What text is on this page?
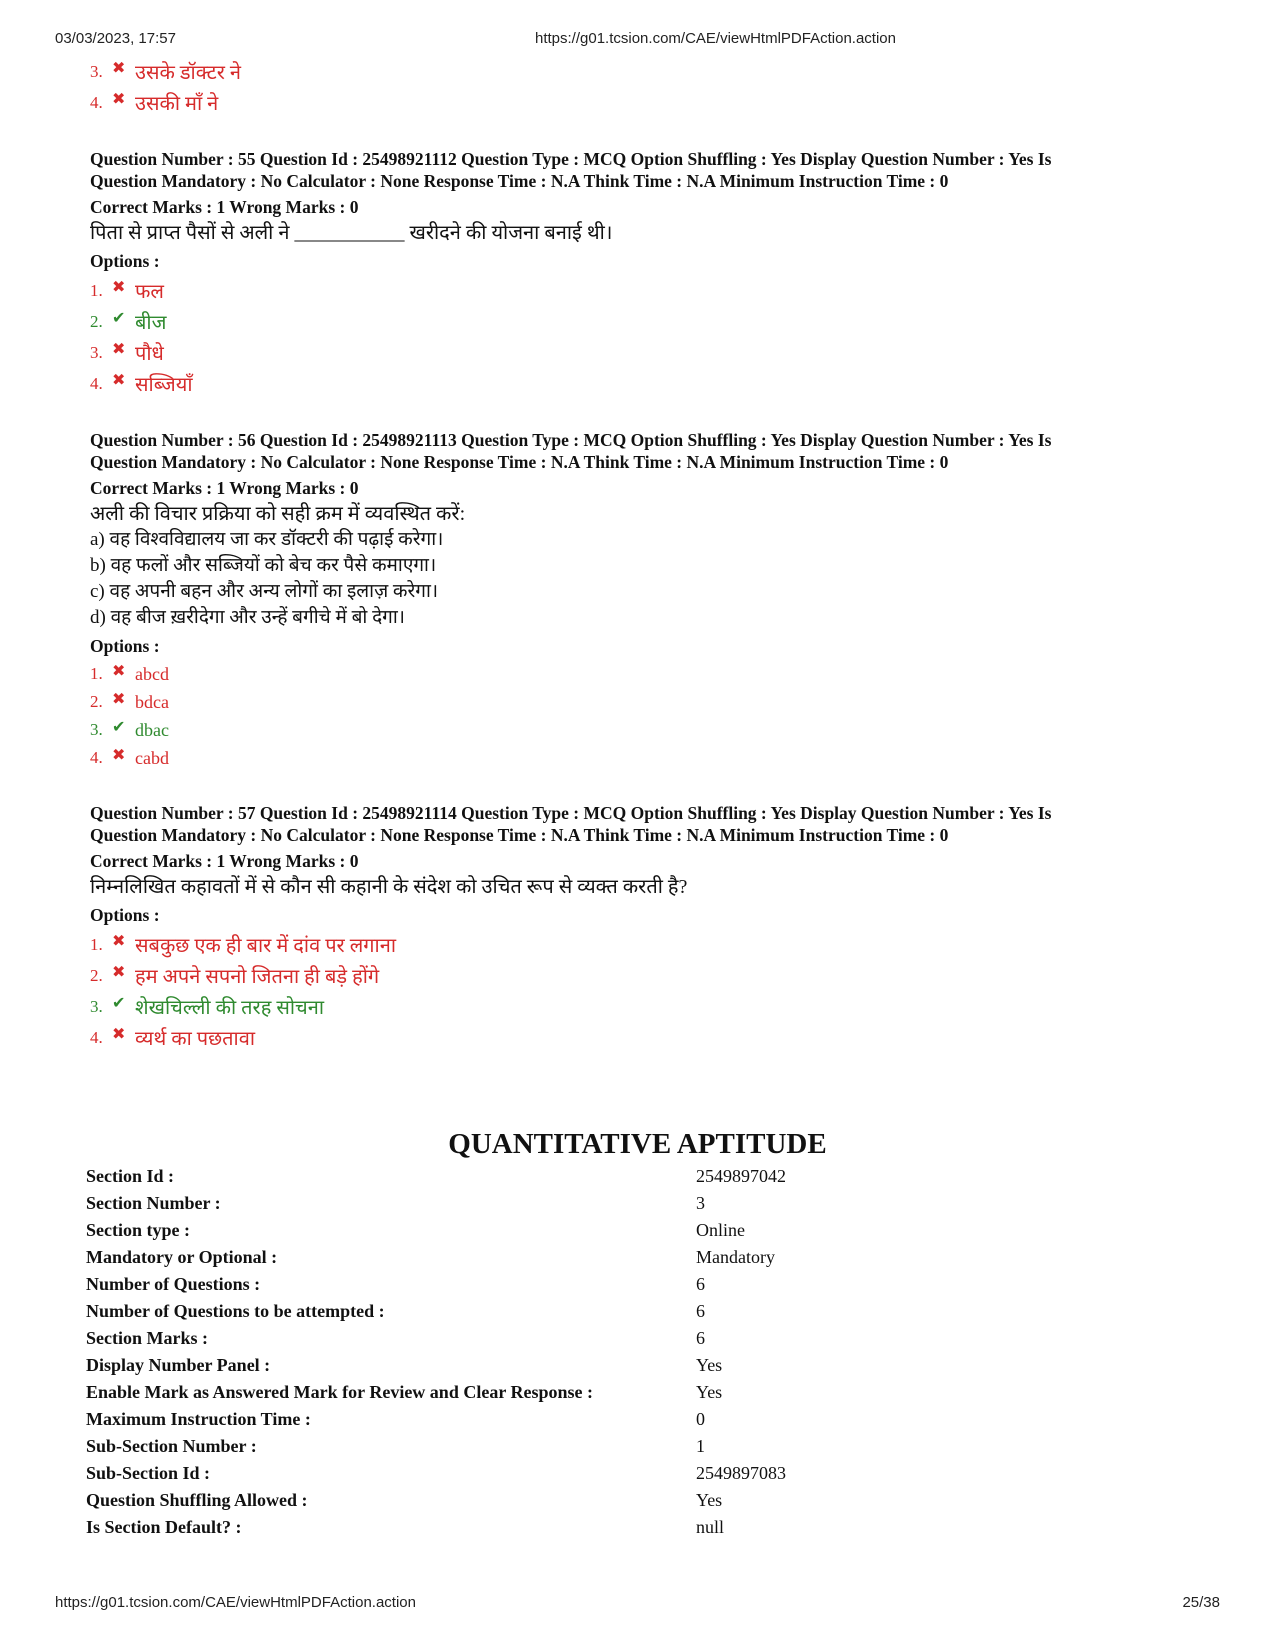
03/03/2023, 17:57	https://g01.tcsion.com/CAE/viewHtmlPDFAction.action
3. ✖ उसके डॉक्टर ने
4. ✖ उसकी माँ ने
Question Number : 55 Question Id : 25498921112 Question Type : MCQ Option Shuffling : Yes Display Question Number : Yes Is
Question Mandatory : No Calculator : None Response Time : N.A Think Time : N.A Minimum Instruction Time : 0
Correct Marks : 1 Wrong Marks : 0
पिता से प्राप्त पैसों से अली ने ___________ खरीदने की योजना बनाई थी।
Options :
1. ✖ फल
2. ✔ बीज
3. ✖ पौधे
4. ✖ सब्जियाँ
Question Number : 56 Question Id : 25498921113 Question Type : MCQ Option Shuffling : Yes Display Question Number : Yes Is
Question Mandatory : No Calculator : None Response Time : N.A Think Time : N.A Minimum Instruction Time : 0
Correct Marks : 1 Wrong Marks : 0
अली की विचार प्रक्रिया को सही क्रम में व्यवस्थित करें:
a) वह विश्वविद्यालय जा कर डॉक्टरी की पढ़ाई करेगा।
b) वह फलों और सब्जियों को बेच कर पैसे कमाएगा।
c) वह अपनी बहन और अन्य लोगों का इलाज़ करेगा।
d) वह बीज ख़रीदेगा और उन्हें बगीचे में बो देगा।
Options :
1. ✖ abcd
2. ✖ bdca
3. ✔ dbac
4. ✖ cabd
Question Number : 57 Question Id : 25498921114 Question Type : MCQ Option Shuffling : Yes Display Question Number : Yes Is
Question Mandatory : No Calculator : None Response Time : N.A Think Time : N.A Minimum Instruction Time : 0
Correct Marks : 1 Wrong Marks : 0
निम्नलिखित कहावतों में से कौन सी कहानी के संदेश को उचित रूप से व्यक्त करती है?
Options :
1. ✖ सबकुछ एक ही बार में दांव पर लगाना
2. ✖ हम अपने सपनो जितना ही बड़े होंगे
3. ✔ शेखचिल्ली की तरह सोचना
4. ✖ व्यर्थ का पछतावा
QUANTITATIVE APTITUDE
Section Id :	2549897042
Section Number :	3
Section type :	Online
Mandatory or Optional :	Mandatory
Number of Questions :	6
Number of Questions to be attempted :	6
Section Marks :	6
Display Number Panel :	Yes
Enable Mark as Answered Mark for Review and Clear Response :	Yes
Maximum Instruction Time :	0
Sub-Section Number :	1
Sub-Section Id :	2549897083
Question Shuffling Allowed :	Yes
Is Section Default? :	null
https://g01.tcsion.com/CAE/viewHtmlPDFAction.action	25/38
